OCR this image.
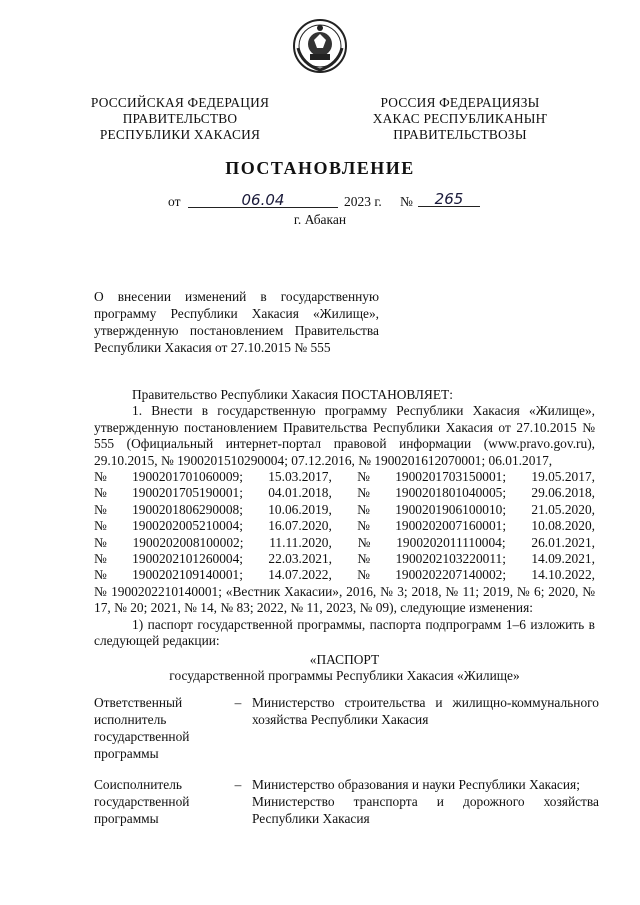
РОССИЙСКАЯ ФЕДЕРАЦИЯ
ПРАВИТЕЛЬСТВО
РЕСПУБЛИКИ ХАКАСИЯ
РОССИЯ ФЕДЕРАЦИЯЗЫ
ХАКАС РЕСПУБЛИКАНЫҤ
ПРАВИТЕЛЬСТВОЗЫ
ПОСТАНОВЛЕНИЕ
от	06.04	2023 г. №	265
г. Абакан
О внесении изменений в государственную программу Республики Хакасия «Жилище», утвержденную постановлением Правительства Республики Хакасия от 27.10.2015 № 555
Правительство Республики Хакасия ПОСТАНОВЛЯЕТ:
1. Внести в государственную программу Республики Хакасия «Жилище», утвержденную постановлением Правительства Республики Хакасия от 27.10.2015 № 555 (Официальный интернет-портал правовой информации (www.pravo.gov.ru), 29.10.2015, № 1900201510290004; 07.12.2016, № 1900201612070001; 06.01.2017,
№ 1900201701060009; 15.03.2017, № 1900201703150001; 19.05.2017,
№ 1900201705190001; 04.01.2018, № 1900201801040005; 29.06.2018,
№ 1900201806290008; 10.06.2019, № 1900201906100010; 21.05.2020,
№ 1900202005210004; 16.07.2020, № 1900202007160001; 10.08.2020,
№ 1900202008100002; 11.11.2020, № 1900202011110004; 26.01.2021,
№ 1900202101260004; 22.03.2021, № 1900202103220011; 14.09.2021,
№ 1900202109140001; 14.07.2022, № 1900202207140002; 14.10.2022,
№ 1900202210140001; «Вестник Хакасии», 2016, № 3; 2018, № 11; 2019, № 6; 2020, № 17, № 20; 2021, № 14, № 83; 2022, № 11, 2023, № 09), следующие изменения:
1) паспорт государственной программы, паспорта подпрограмм 1–6 изложить в следующей редакции:
«ПАСПОРТ
государственной программы Республики Хакасия «Жилище»
Ответственный исполнитель государственной программы
– Министерство строительства и жилищно-коммунального хозяйства Республики Хакасия
Соисполнитель государственной программы
– Министерство образования и науки Республики Хакасия;
Министерство транспорта и дорожного хозяйства Республики Хакасия
